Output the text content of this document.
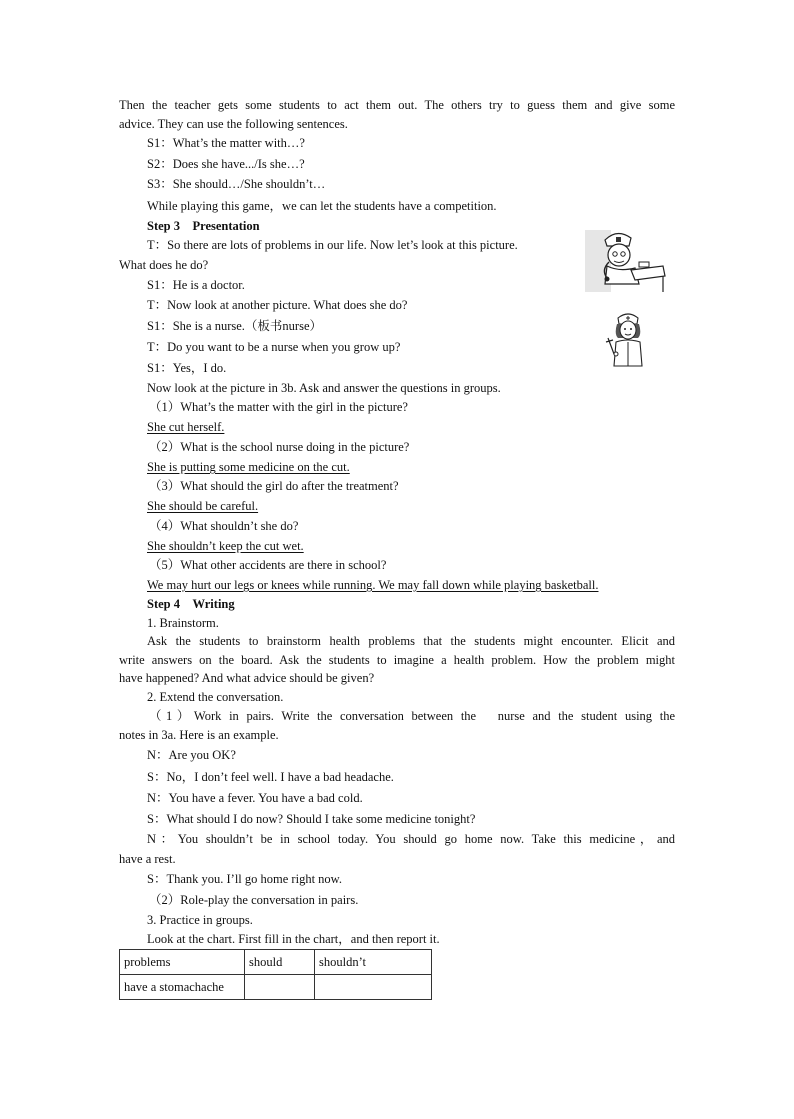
Then the teacher gets some students to act them out. The others try to guess them and give some
advice. They can use the following sentences.
S1：What’s the matter with…?
S2：Does she have.../Is she…?
S3：She should…/She shouldn’t…
While playing this game，we can let the students have a competition.
Step 3　Presentation
T：So there are lots of problems in our life. Now let’s look at this picture.
What does he do?
S1：He is a doctor.
T：Now look at another picture. What does she do?
S1：She is a nurse.（板书nurse）
T：Do you want to be a nurse when you grow up?
S1：Yes，I do.
Now look at the picture in 3b. Ask and answer the questions in groups.
（1）What’s the matter with the girl in the picture?
She cut herself.
（2）What is the school nurse doing in the picture?
She is putting some medicine on the cut.
（3）What should the girl do after the treatment?
She should be careful.
（4）What shouldn’t she do?
She shouldn’t keep the cut wet.
（5）What other accidents are there in school?
We may hurt our legs or knees while running. We may fall down while playing basketball.
Step 4　Writing
1. Brainstorm.
Ask the students to brainstorm health problems that the students might encounter. Elicit and
write answers on the board. Ask the students to imagine a health problem. How the problem might
have happened? And what advice should be given?
2. Extend the conversation.
（1）Work in pairs. Write the conversation between the　nurse and the student using the
notes in 3a. Here is an example.
N：Are you OK?
S：No，I don’t feel well. I have a bad headache.
N：You have a fever. You have a bad cold.
S：What should I do now? Should I take some medicine tonight?
N：You shouldn’t be in school today. You should go home now. Take this medicine，and
have a rest.
S：Thank you. I’ll go home right now.
（2）Role-play the conversation in pairs.
3. Practice in groups.
Look at the chart. First fill in the chart，and then report it.
problems	should	shouldn’t
have a stomachache		
